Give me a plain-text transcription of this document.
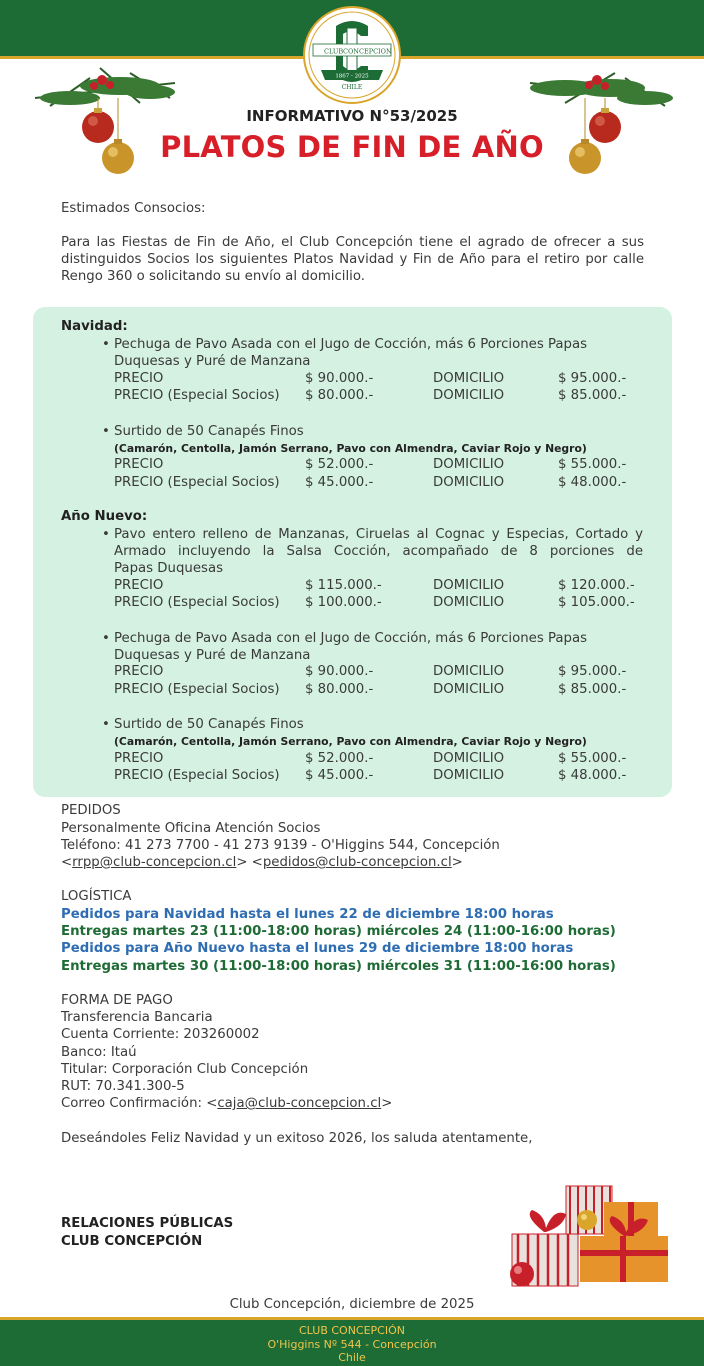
CLUB CONCEPCION
1867 - 2025
CHILE
INFORMATIVO N°53/2025
PLATOS DE FIN DE AÑO
Estimados Consocios:
Para las Fiestas de Fin de Año, el Club Concepción tiene el agrado de ofrecer a sus distinguidos Socios los siguientes Platos Navidad y Fin de Año para el retiro por calle Rengo 360 o solicitando su envío al domicilio.
Navidad:
• Pechuga de Pavo Asada con el Jugo de Cocción, más 6 Porciones Papas
Duquesas y Puré de Manzana
PRECIO	$ 90.000.-	DOMICILIO	$ 95.000.-
PRECIO (Especial Socios) $ 80.000.-	DOMICILIO	$ 85.000.-
• Surtido de 50 Canapés Finos
(Camarón, Centolla, Jamón Serrano, Pavo con Almendra, Caviar Rojo y Negro)
PRECIO	$ 52.000.-	DOMICILIO	$ 55.000.-
PRECIO (Especial Socios) $ 45.000.-	DOMICILIO	$ 48.000.-
Año Nuevo:
• Pavo entero relleno de Manzanas, Ciruelas al Cognac y Especias, Cortado y
Armado incluyendo la Salsa Cocción, acompañado de 8 porciones de
Papas Duquesas
PRECIO	$ 115.000.-	DOMICILIO	$ 120.000.-
PRECIO (Especial Socios) $ 100.000.-	DOMICILIO	$ 105.000.-
• Pechuga de Pavo Asada con el Jugo de Cocción, más 6 Porciones Papas
Duquesas y Puré de Manzana
PRECIO	$ 90.000.-	DOMICILIO	$ 95.000.-
PRECIO (Especial Socios) $ 80.000.-	DOMICILIO	$ 85.000.-
• Surtido de 50 Canapés Finos
(Camarón, Centolla, Jamón Serrano, Pavo con Almendra, Caviar Rojo y Negro)
PRECIO	$ 52.000.-	DOMICILIO	$ 55.000.-
PRECIO (Especial Socios) $ 45.000.-	DOMICILIO	$ 48.000.-
PEDIDOS
Personalmente Oficina Atención Socios
Teléfono: 41 273 7700 - 41 273 9139 - O'Higgins 544, Concepción
<rrpp@club-concepcion.cl> <pedidos@club-concepcion.cl>
LOGÍSTICA
Pedidos para Navidad hasta el lunes 22 de diciembre 18:00 horas
Entregas martes 23 (11:00-18:00 horas) miércoles 24 (11:00-16:00 horas)
Pedidos para Año Nuevo hasta el lunes 29 de diciembre 18:00 horas
Entregas martes 30 (11:00-18:00 horas) miércoles 31 (11:00-16:00 horas)
FORMA DE PAGO
Transferencia Bancaria
Cuenta Corriente: 203260002
Banco: Itaú
Titular: Corporación Club Concepción
RUT: 70.341.300-5
Correo Confirmación: <caja@club-concepcion.cl>
Deseándoles Feliz Navidad y un exitoso 2026, los saluda atentamente,
RELACIONES PÚBLICAS
CLUB CONCEPCIÓN
Club Concepción, diciembre de 2025
CLUB CONCEPCIÓN
O'Higgins Nº 544 - Concepción
Chile
